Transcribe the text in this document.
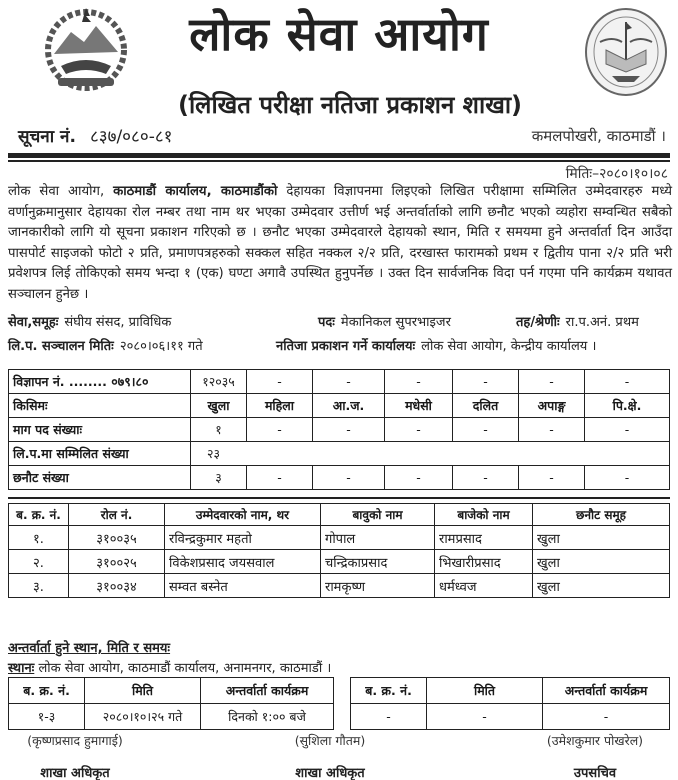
लोक सेवा आयोग
(लिखित परीक्षा नतिजा प्रकाशन शाखा)
सूचना नं. ८३७/०८०-८१	कमलपोखरी, काठमाडौं ।
मितिः–२०८०।१०।०८
लोक सेवा आयोग, काठमाडौं कार्यालय, काठमाडौंको देहायका विज्ञापनमा लिइएको लिखित परीक्षामा सम्मिलित उम्मेदवारहरु मध्ये वर्णानुक्रमानुसार देहायका रोल नम्बर तथा नाम थर भएका उम्मेदवार उत्तीर्ण भई अन्तर्वार्ताको लागि छनौट भएको व्यहोरा सम्वन्धित सबैको जानकारीको लागि यो सूचना प्रकाशन गरिएको छ । छनौट भएका उम्मेदवारले देहायको स्थान, मिति र समयमा हुने अन्तर्वार्ता दिन आउँदा पासपोर्ट साइजको फोटो २ प्रति, प्रमाणपत्रहरुको सक्कल सहित नक्कल २/२ प्रति, दरखास्त फारामको प्रथम र द्वितीय पाना २/२ प्रति भरी प्रवेशपत्र लिई तोकिएको समय भन्दा १ (एक) घण्टा अगावै उपस्थित हुनुपर्नेछ । उक्त दिन सार्वजनिक विदा पर्न गएमा पनि कार्यक्रम यथावत सञ्चालन हुनेछ ।
सेवा,समूहः संघीय संसद, प्राविधिक	पदः मेकानिकल सुपरभाइजर	तह/श्रेणीः रा.प.अनं. प्रथम
लि.प. सञ्चालन मितिः २०८०।०६।११ गते	नतिजा प्रकाशन गर्ने कार्यालयः लोक सेवा आयोग, केन्द्रीय कार्यालय ।
विज्ञापन नं. ........ ०७९।८०	१२०३५	-	-	-	-	-	-
किसिमः	खुला	महिला	आ.ज.	मधेसी	दलित	अपाङ्ग	पि.क्षे.
माग पद संख्याः	१	-	-	-	-	-	-
लि.प.मा सम्मिलित संख्या	२३						
छनौट संख्या	३	-	-	-	-	-	-
ब. क्र. नं.	रोल नं.	उम्मेदवारको नाम, थर	बावुको नाम	बाजेको नाम	छनौट समूह
१.	३१००३५	रविन्द्रकुमार महतो	गोपाल	रामप्रसाद	खुला
२.	३१००२५	विकेशप्रसाद जयसवाल	चन्द्रिकाप्रसाद	भिखारीप्रसाद	खुला
३.	३१००३४	सम्वत बस्नेत	रामकृष्ण	धर्मध्वज	खुला
अन्तर्वार्ता हुने स्थान, मिति र समयः
स्थानः लोक सेवा आयोग, काठमाडौं कार्यालय, अनामनगर, काठमाडौं ।
ब. क्र. नं.	मिति	अन्तर्वार्ता कार्यक्रम
१-३	२०८०।१०।२५ गते	दिनको १:०० बजे
ब. क्र. नं.	मिति	अन्तर्वार्ता कार्यक्रम
-	-	-
(कृष्णप्रसाद हुमागाई)
शाखा अधिकृत
(सुशिला गौतम)
शाखा अधिकृत
(उमेशकुमार पोखरेल)
उपसचिव
